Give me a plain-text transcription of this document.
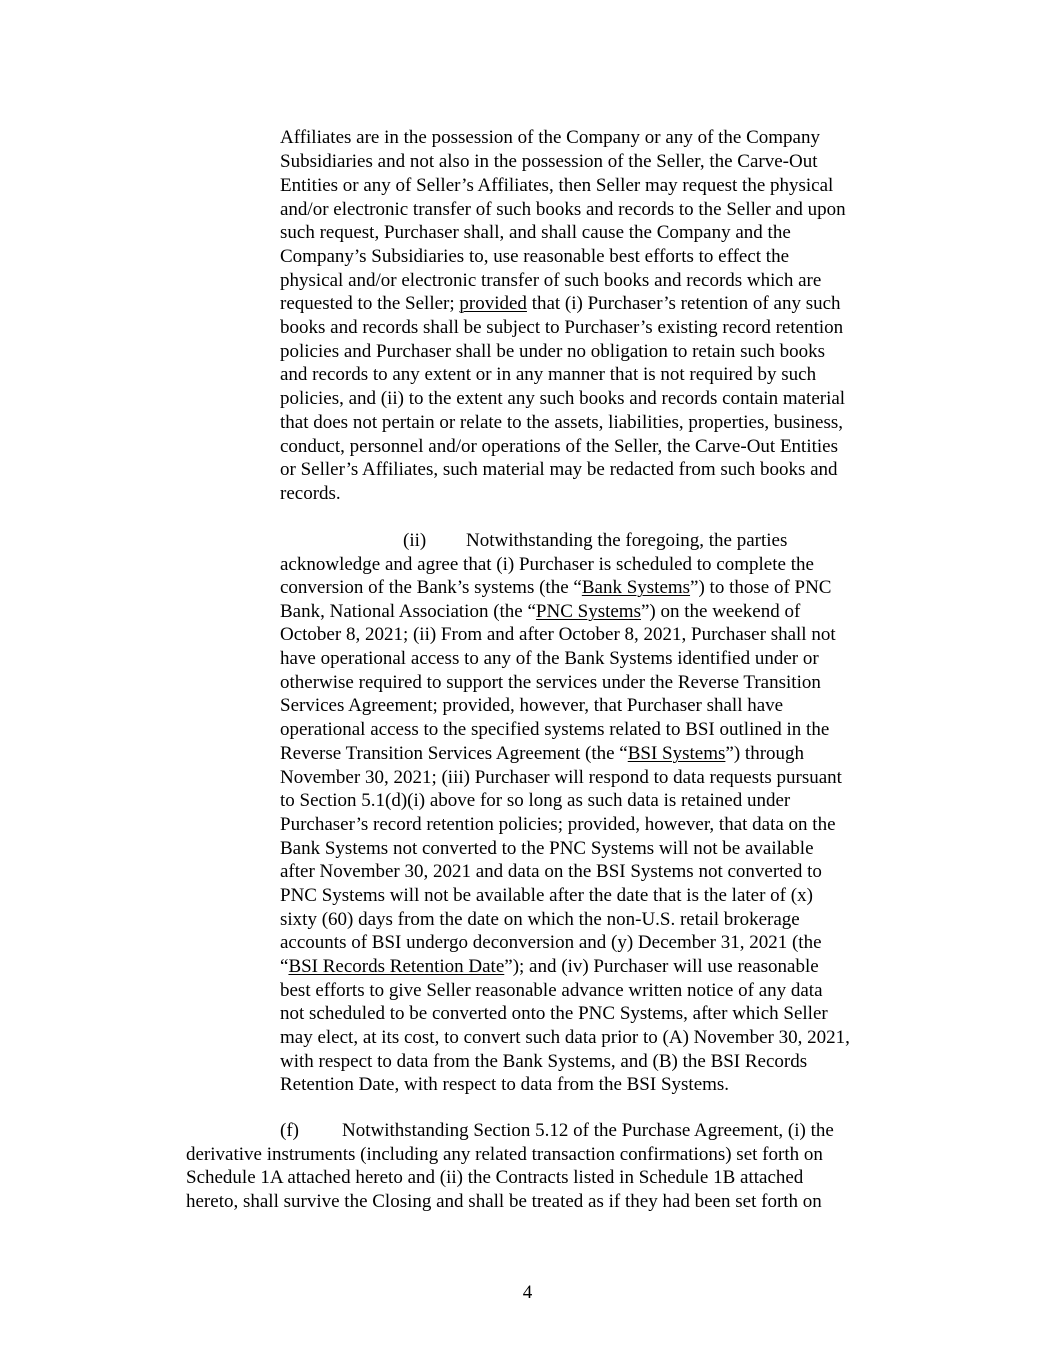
Affiliates are in the possession of the Company or any of the Company
Subsidiaries and not also in the possession of the Seller, the Carve-Out
Entities or any of Seller’s Affiliates, then Seller may request the physical
and/or electronic transfer of such books and records to the Seller and upon
such request, Purchaser shall, and shall cause the Company and the
Company’s Subsidiaries to, use reasonable best efforts to effect the
physical and/or electronic transfer of such books and records which are
requested to the Seller; provided that (i) Purchaser’s retention of any such
books and records shall be subject to Purchaser’s existing record retention
policies and Purchaser shall be under no obligation to retain such books
and records to any extent or in any manner that is not required by such
policies, and (ii) to the extent any such books and records contain material
that does not pertain or relate to the assets, liabilities, properties, business,
conduct, personnel and/or operations of the Seller, the Carve-Out Entities
or Seller’s Affiliates, such material may be redacted from such books and
records.
(ii) Notwithstanding the foregoing, the parties
acknowledge and agree that (i) Purchaser is scheduled to complete the
conversion of the Bank’s systems (the “Bank Systems”) to those of PNC
Bank, National Association (the “PNC Systems”) on the weekend of
October 8, 2021; (ii) From and after October 8, 2021, Purchaser shall not
have operational access to any of the Bank Systems identified under or
otherwise required to support the services under the Reverse Transition
Services Agreement; provided, however, that Purchaser shall have
operational access to the specified systems related to BSI outlined in the
Reverse Transition Services Agreement (the “BSI Systems”) through
November 30, 2021; (iii) Purchaser will respond to data requests pursuant
to Section 5.1(d)(i) above for so long as such data is retained under
Purchaser’s record retention policies; provided, however, that data on the
Bank Systems not converted to the PNC Systems will not be available
after November 30, 2021 and data on the BSI Systems not converted to
PNC Systems will not be available after the date that is the later of (x)
sixty (60) days from the date on which the non-U.S. retail brokerage
accounts of BSI undergo deconversion and (y) December 31, 2021 (the
“BSI Records Retention Date”); and (iv) Purchaser will use reasonable
best efforts to give Seller reasonable advance written notice of any data
not scheduled to be converted onto the PNC Systems, after which Seller
may elect, at its cost, to convert such data prior to (A) November 30, 2021,
with respect to data from the Bank Systems, and (B) the BSI Records
Retention Date, with respect to data from the BSI Systems.
(f) Notwithstanding Section 5.12 of the Purchase Agreement, (i) the
derivative instruments (including any related transaction confirmations) set forth on
Schedule 1A attached hereto and (ii) the Contracts listed in Schedule 1B attached
hereto, shall survive the Closing and shall be treated as if they had been set forth on
4
